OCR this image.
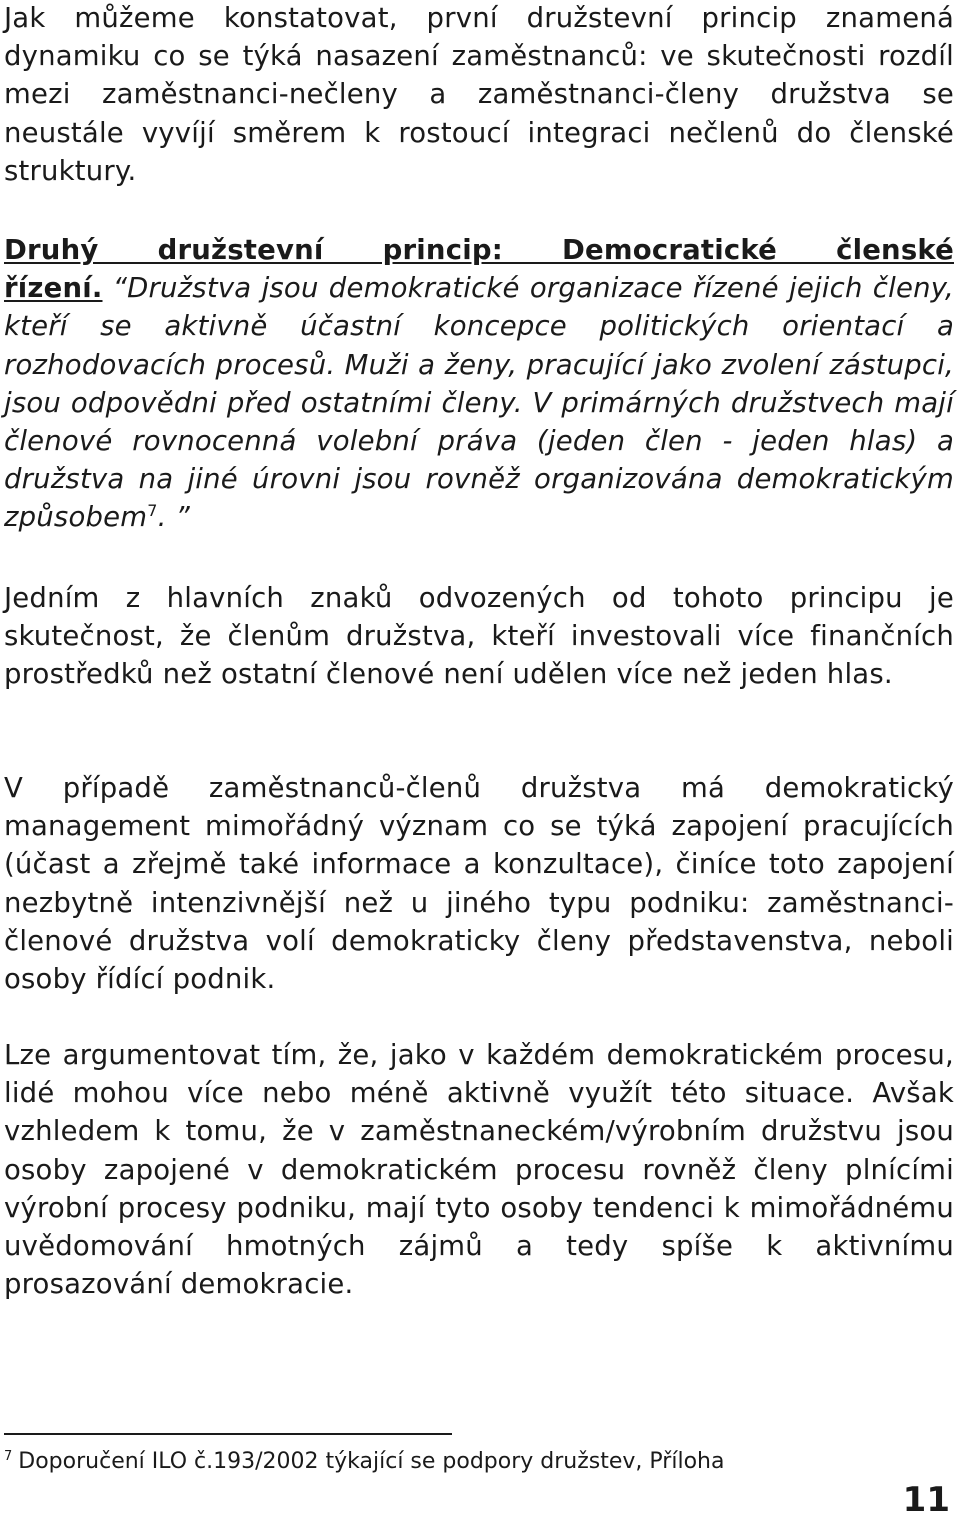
Jak můžeme konstatovat, první družstevní princip znamená dynamiku co se týká nasazení zaměstnanců: ve skutečnosti rozdíl mezi zaměstnanci-nečleny a zaměstnanci-členy družstva se neustále vyvíjí směrem k rostoucí integraci nečlenů do členské struktury.

Druhý družstevní princip: Democratické členské řízení. “Družstva jsou demokratické organizace řízené jejich členy, kteří se aktivně účastní koncepce politických orientací a rozhodovacích procesů. Muži a ženy, pracující jako zvolení zástupci, jsou odpovědni před ostatními členy. V primárných družstvech mají členové rovnocenná volební práva (jeden člen - jeden hlas) a družstva na jiné úrovni jsou rovněž organizována demokratickým způsobem$^7$. ”

Jedním z hlavních znaků odvozených od tohoto principu je skutečnost, že členům družstva, kteří investovali více finančních prostředků než ostatní členové není udělen více než jeden hlas.

V případě zaměstnanců-členů družstva má demokratický management mimořádný význam co se týká zapojení pracujících (účast a zřejmě také informace a konzultace), činíce toto zapojení nezbytně intenzivnější než u jiného typu podniku: zaměstnanci-členové družstva volí demokraticky členy představenstva, neboli osoby řídící podnik.

Lze argumentovat tím, že, jako v každém demokratickém procesu, lidé mohou více nebo méně aktivně využít této situace. Avšak vzhledem k tomu, že v zaměstnaneckém/výrobním družstvu jsou osoby zapojené v demokratickém procesu rovněž členy plnícími výrobní procesy podniku, mají tyto osoby tendenci k mimořádnému uvědomování hmotných zájmů a tedy spíše k aktivnímu prosazování demokracie.

$^7$ Doporučení ILO č.193/2002 týkající se podpory družstev, Příloha

11
